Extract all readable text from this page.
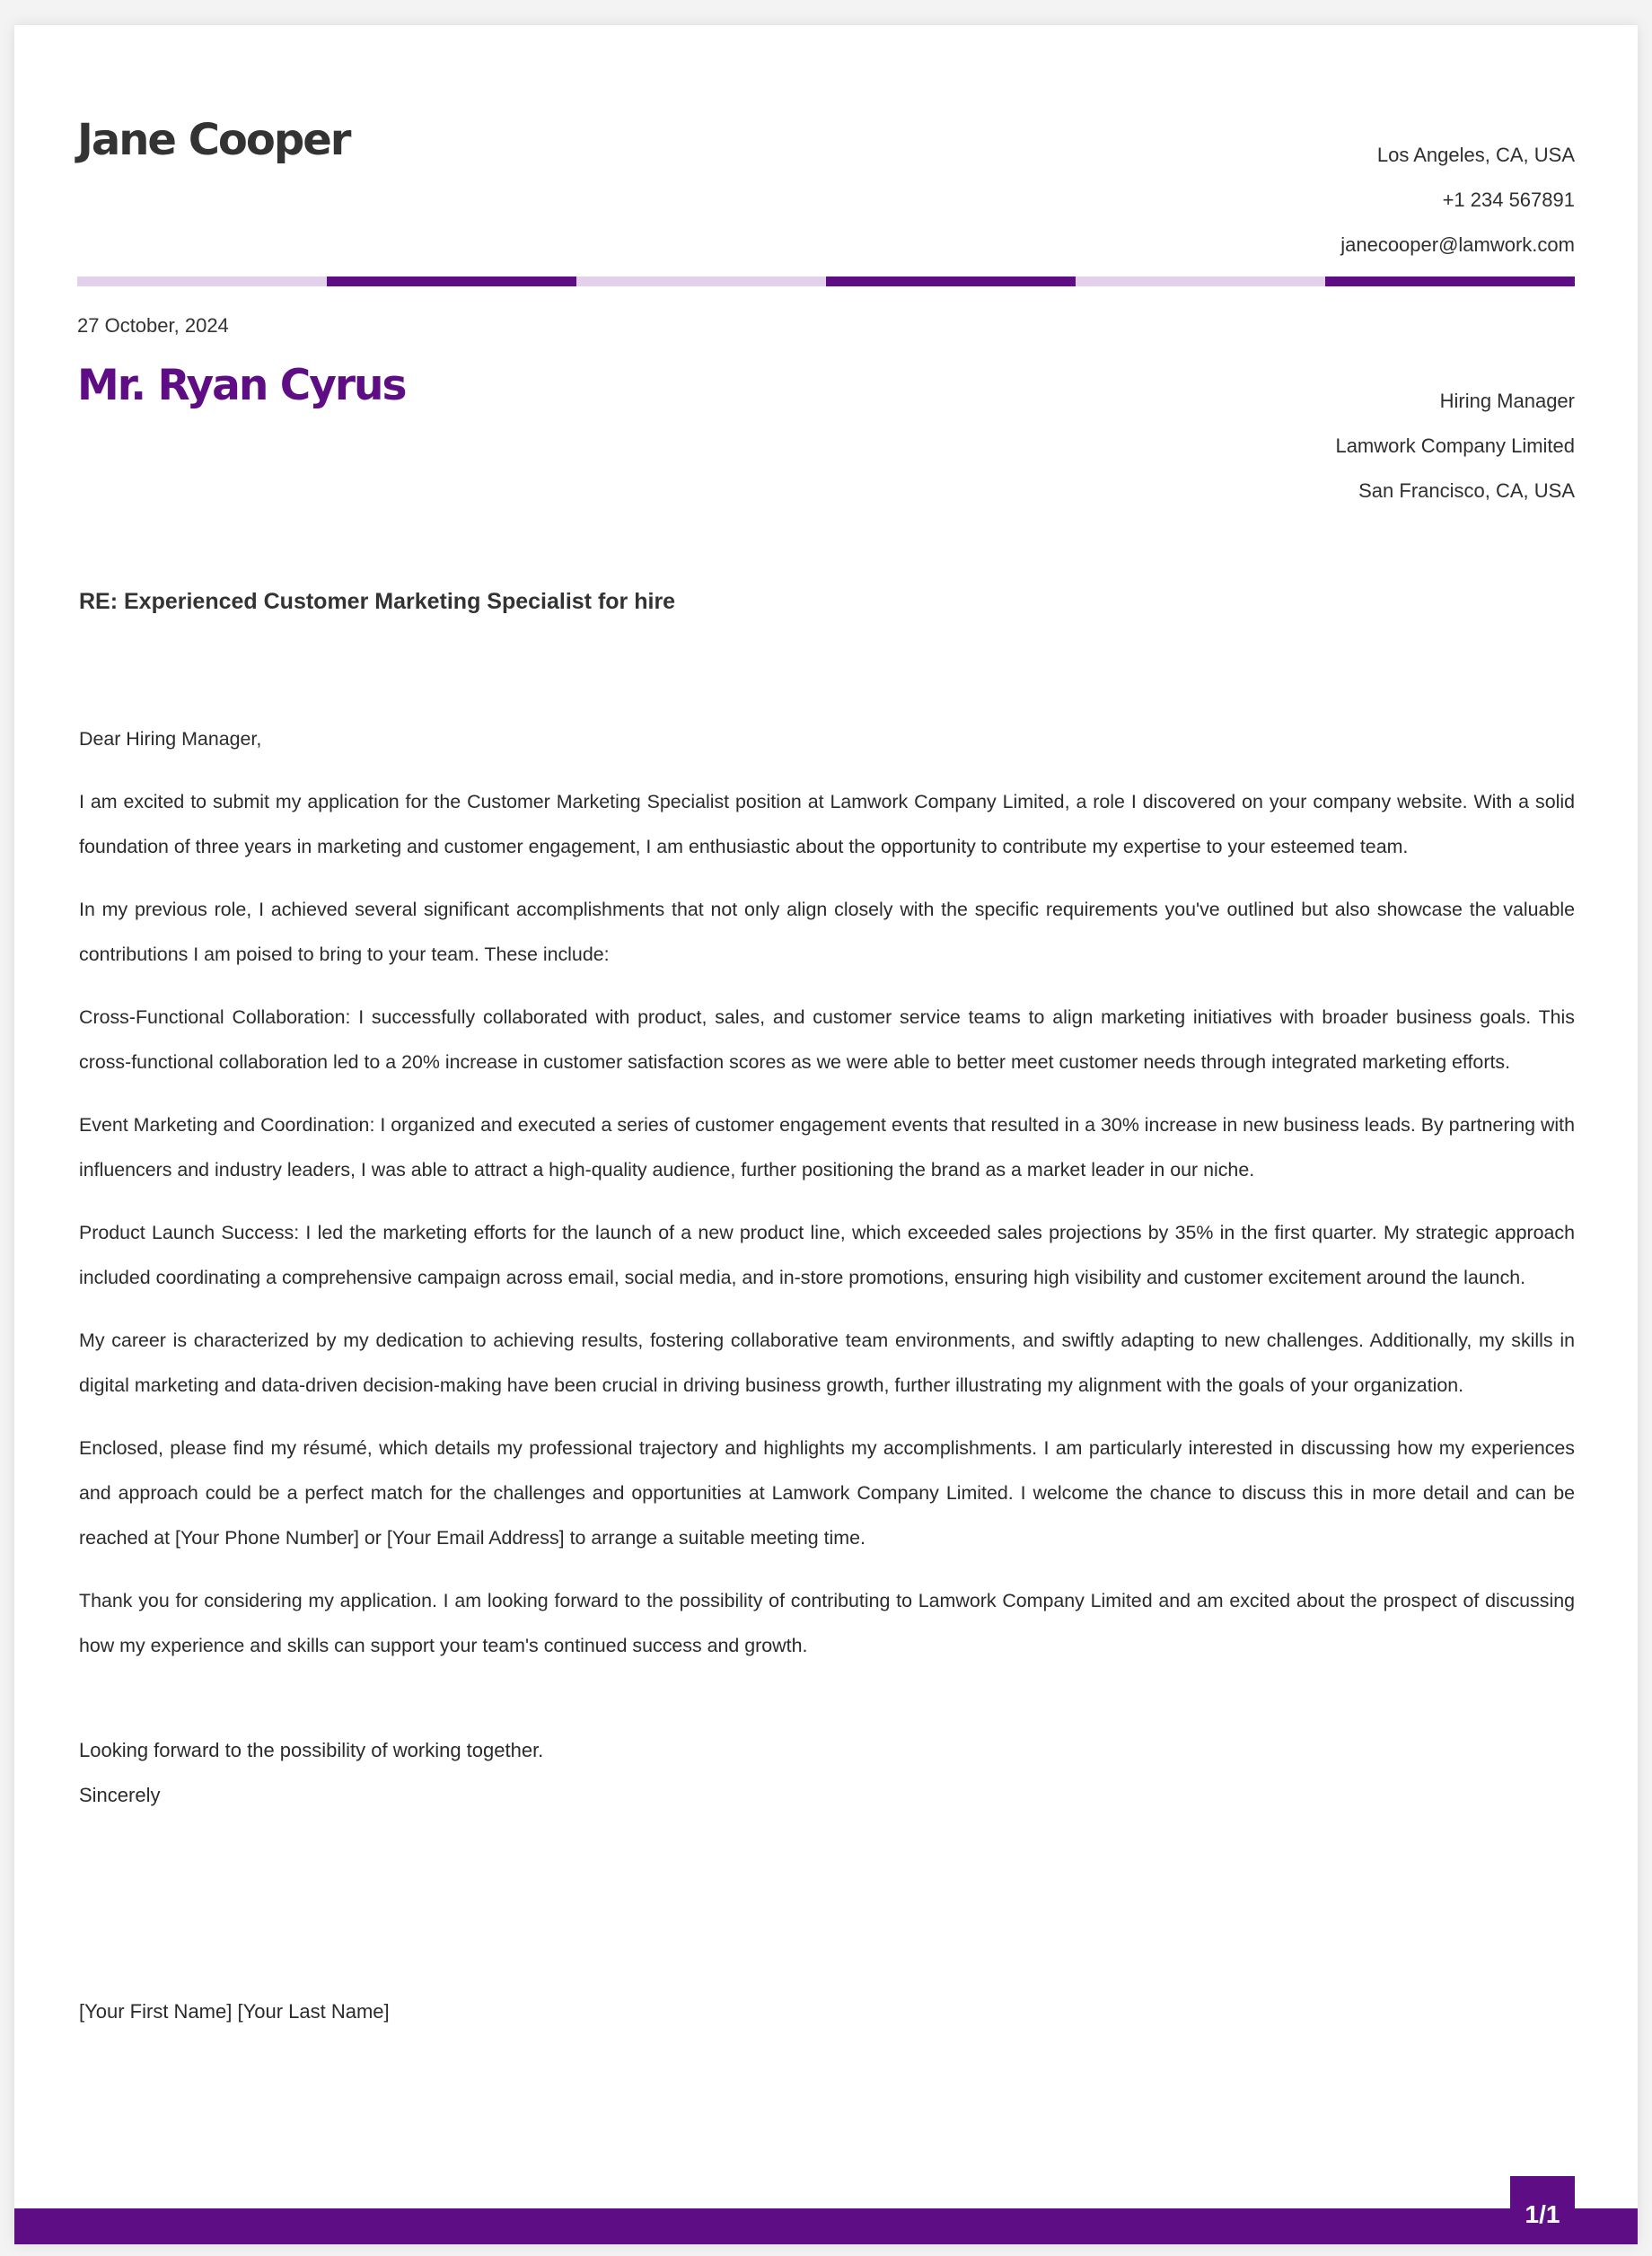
Jane Cooper	Los Angeles, CA, USA
+1 234 567891
janecooper@lamwork.com
27 October, 2024
Mr. Ryan Cyrus	Hiring Manager
Lamwork Company Limited
San Francisco, CA, USA
RE: Experienced Customer Marketing Specialist for hire

Dear Hiring Manager,

I am excited to submit my application for the Customer Marketing Specialist position at Lamwork Company Limited, a role I discovered on your company website. With a solid foundation of three years in marketing and customer engagement, I am enthusiastic about the opportunity to contribute my expertise to your esteemed team.

In my previous role, I achieved several significant accomplishments that not only align closely with the specific requirements you've outlined but also showcase the valuable contributions I am poised to bring to your team. These include:

Cross-Functional Collaboration: I successfully collaborated with product, sales, and customer service teams to align marketing initiatives with broader business goals. This cross-functional collaboration led to a 20% increase in customer satisfaction scores as we were able to better meet customer needs through integrated marketing efforts.

Event Marketing and Coordination: I organized and executed a series of customer engagement events that resulted in a 30% increase in new business leads. By partnering with influencers and industry leaders, I was able to attract a high-quality audience, further positioning the brand as a market leader in our niche.

Product Launch Success: I led the marketing efforts for the launch of a new product line, which exceeded sales projections by 35% in the first quarter. My strategic approach included coordinating a comprehensive campaign across email, social media, and in-store promotions, ensuring high visibility and customer excitement around the launch.

My career is characterized by my dedication to achieving results, fostering collaborative team environments, and swiftly adapting to new challenges. Additionally, my skills in digital marketing and data-driven decision-making have been crucial in driving business growth, further illustrating my alignment with the goals of your organization.

Enclosed, please find my résumé, which details my professional trajectory and highlights my accomplishments. I am particularly interested in discussing how my experiences and approach could be a perfect match for the challenges and opportunities at Lamwork Company Limited. I welcome the chance to discuss this in more detail and can be reached at [Your Phone Number] or [Your Email Address] to arrange a suitable meeting time.

Thank you for considering my application. I am looking forward to the possibility of contributing to Lamwork Company Limited and am excited about the prospect of discussing how my experience and skills can support your team's continued success and growth.

Looking forward to the possibility of working together.
Sincerely
[Your First Name] [Your Last Name]
1/1
